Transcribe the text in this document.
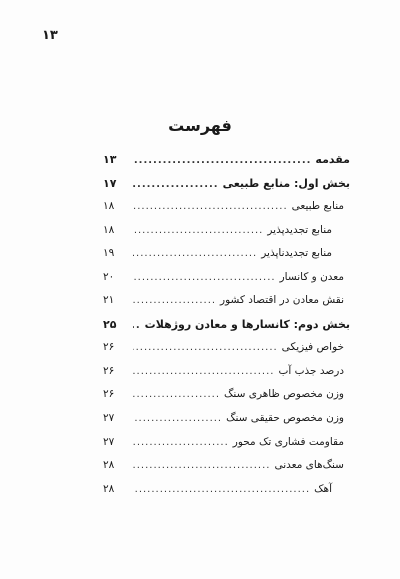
۱۳
فهرست
مقدمه
.....
۱۳
بخش اول: منابع طبیعی
.....
۱۷
منابع طبیعی
.....
۱۸
منابع تجدیدپذیر
.....
۱۸
منابع تجدیدناپذیر
.....
۱۹
معدن و کانسار
.....
۲۰
نقش معادن در اقتصاد کشور
.....
۲۱
بخش دوم: کانسارها و معادن روژهلات
.....
۲۵
خواص فیزیکی
.....
۲۶
درصد جذب آب
.....
۲۶
وزن مخصوص ظاهری سنگ
.....
۲۶
وزن مخصوص حقیقی سنگ
.....
۲۷
مقاومت فشاری تک محور
.....
۲۷
سنگ‌های معدنی
.....
۲۸
آهک
.....
۲۸
